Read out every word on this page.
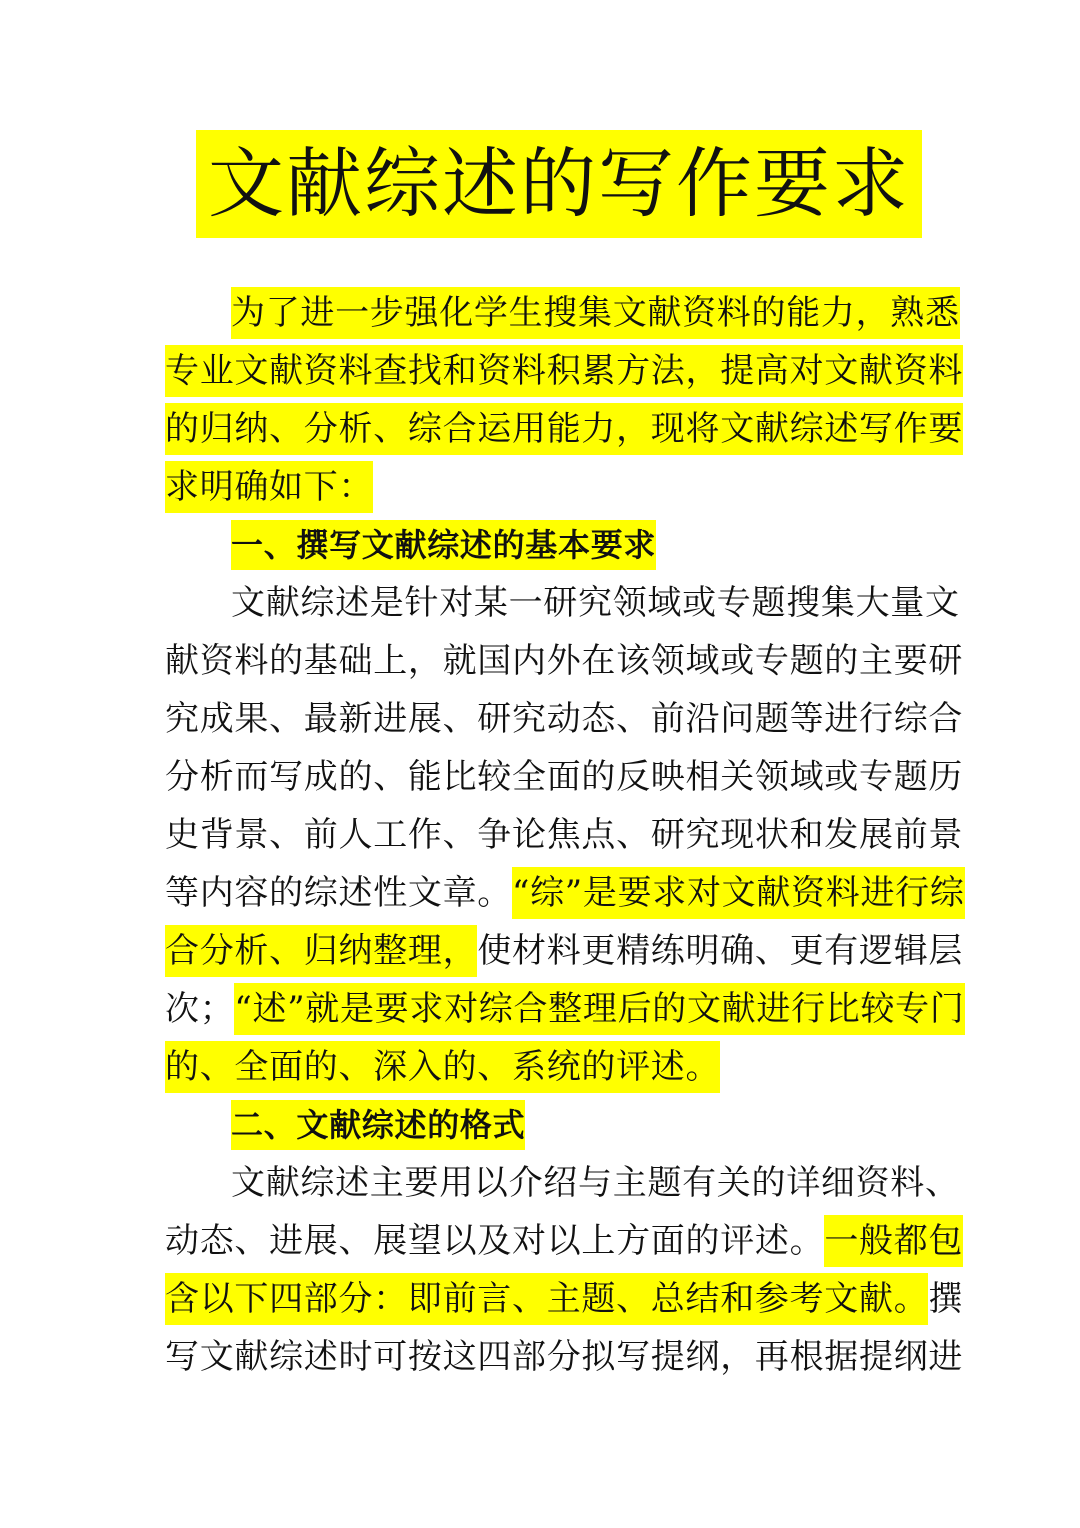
文献综述的写作要求
为了进一步强化学生搜集文献资料的能力，熟悉
专业文献资料查找和资料积累方法，提高对文献资料
的归纳、分析、综合运用能力，现将文献综述写作要
求明确如下：
一、撰写文献综述的基本要求
文献综述是针对某一研究领域或专题搜集大量文
献资料的基础上，就国内外在该领域或专题的主要研
究成果、最新进展、研究动态、前沿问题等进行综合
分析而写成的、能比较全面的反映相关领域或专题历
史背景、前人工作、争论焦点、研究现状和发展前景
等内容的综述性文章。“综”是要求对文献资料进行综
合分析、归纳整理，使材料更精练明确、更有逻辑层
次；“述”就是要求对综合整理后的文献进行比较专门
的、全面的、深入的、系统的评述。
二、文献综述的格式
文献综述主要用以介绍与主题有关的详细资料、
动态、进展、展望以及对以上方面的评述。一般都包
含以下四部分：即前言、主题、总结和参考文献。撰
写文献综述时可按这四部分拟写提纲，再根据提纲进
